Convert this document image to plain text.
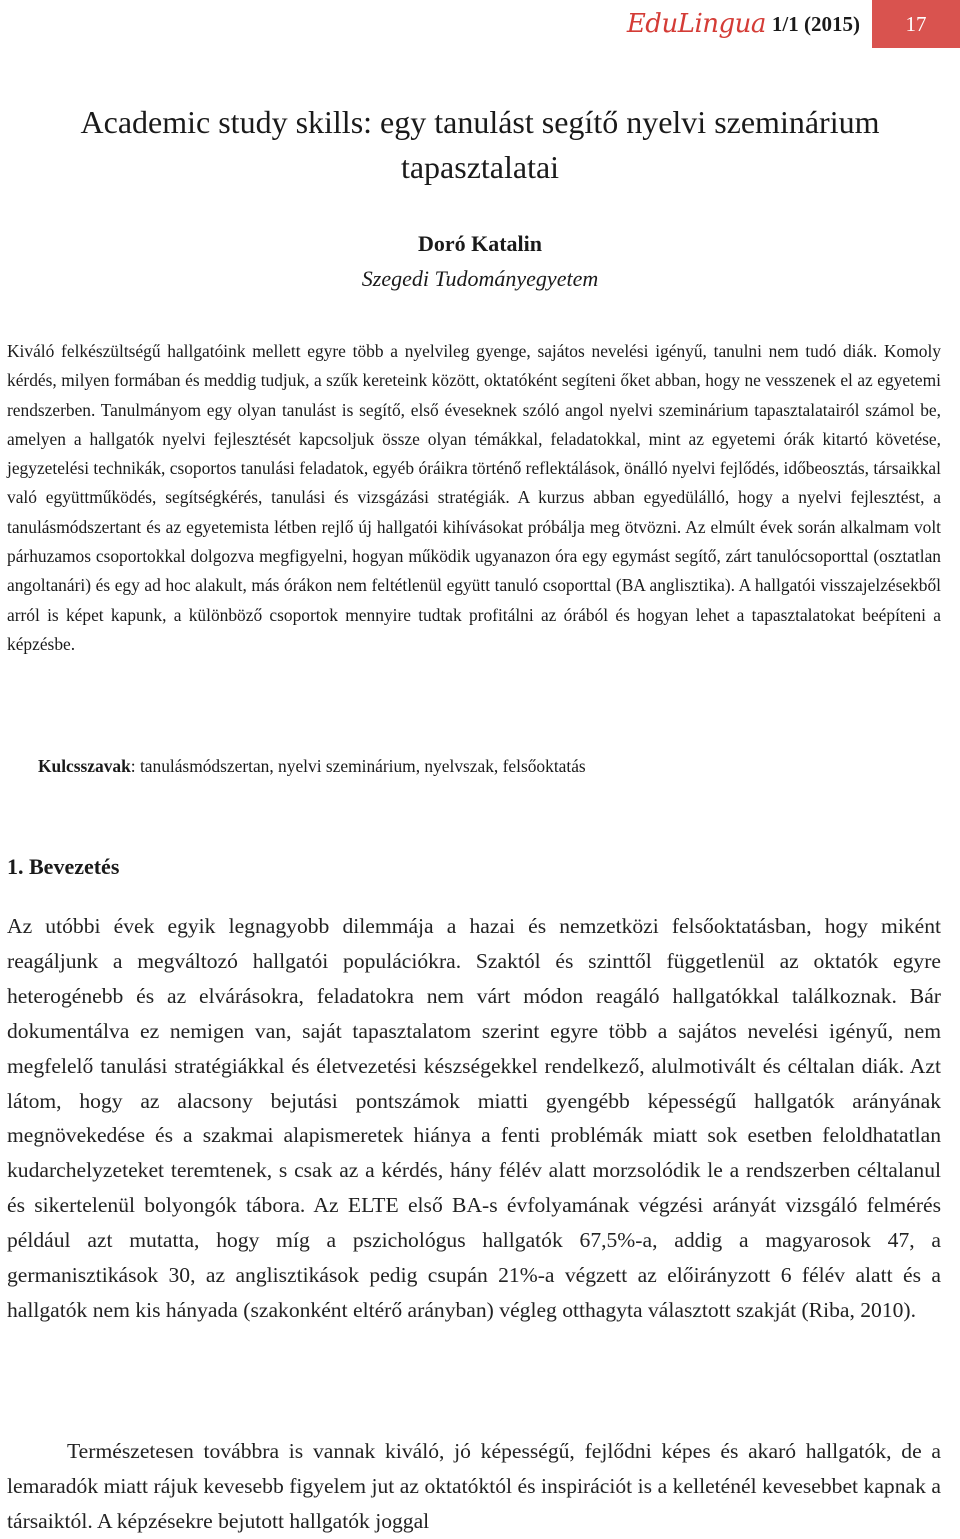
EduLingua 1/1 (2015)	17
Academic study skills: egy tanulást segítő nyelvi szeminárium tapasztalatai
Doró Katalin
Szegedi Tudományegyetem

Kiváló felkészültségű hallgatóink mellett egyre több a nyelvileg gyenge, sajátos nevelési igényű, tanulni nem tudó diák. Komoly kérdés, milyen formában és meddig tudjuk, a szűk kereteink között, oktatóként segíteni őket abban, hogy ne vesszenek el az egyetemi rendszerben. Tanulmányom egy olyan tanulást is segítő, első éveseknek szóló angol nyelvi szeminárium tapasztalatairól számol be, amelyen a hallgatók nyelvi fejlesztését kapcsoljuk össze olyan témákkal, feladatokkal, mint az egyetemi órák kitartó követése, jegyzetelési technikák, csoportos tanulási feladatok, egyéb óráikra történő reflektálások, önálló nyelvi fejlődés, időbeosztás, társaikkal való együttműködés, segítségkérés, tanulási és vizsgázási stratégiák. A kurzus abban egyedülálló, hogy a nyelvi fejlesztést, a tanulásmódszertant és az egyetemista létben rejlő új hallgatói kihívásokat próbálja meg ötvözni. Az elmúlt évek során alkalmam volt párhuzamos csoportokkal dolgozva megfigyelni, hogyan működik ugyanazon óra egy egymást segítő, zárt tanulócsoporttal (osztatlan angoltanári) és egy ad hoc alakult, más órákon nem feltétlenül együtt tanuló csoporttal (BA anglisztika). A hallgatói visszajelzésekből arról is képet kapunk, a különböző csoportok mennyire tudtak profitálni az órából és hogyan lehet a tapasztalatokat beépíteni a képzésbe.

Kulcsszavak: tanulásmódszertan, nyelvi szeminárium, nyelvszak, felsőoktatás
1. Bevezetés

Az utóbbi évek egyik legnagyobb dilemmája a hazai és nemzetközi felsőoktatásban, hogy miként reagáljunk a megváltozó hallgatói populációkra. Szaktól és szinttől függetlenül az oktatók egyre heterogénebb és az elvárásokra, feladatokra nem várt módon reagáló hallgatókkal találkoznak. Bár dokumentálva ez nemigen van, saját tapasztalatom szerint egyre több a sajátos nevelési igényű, nem megfelelő tanulási stratégiákkal és életvezetési készségekkel rendelkező, alulmotivált és céltalan diák. Azt látom, hogy az alacsony bejutási pontszámok miatti gyengébb képességű hallgatók arányának megnövekedése és a szakmai alapismeretek hiánya a fenti problémák miatt sok esetben feloldhatatlan kudarchelyzeteket teremtenek, s csak az a kérdés, hány félév alatt morzsolódik le a rendszerben céltalanul és sikertelenül bolyongók tábora. Az ELTE első BA-s évfolyamának végzési arányát vizsgáló felmérés például azt mutatta, hogy míg a pszichológus hallgatók 67,5%-a, addig a magyarosok 47, a germanisztikások 30, az anglisztikások pedig csupán 21%-a végzett az előirányzott 6 félév alatt és a hallgatók nem kis hányada (szakonként eltérő arányban) végleg otthagyta választott szakját (Riba, 2010).

Természetesen továbbra is vannak kiváló, jó képességű, fejlődni képes és akaró hallgatók, de a lemaradók miatt rájuk kevesebb figyelem jut az oktatóktól és inspirációt is a kelleténél kevesebbet kapnak a társaiktól. A képzésekre bejutott hallgatók joggal
